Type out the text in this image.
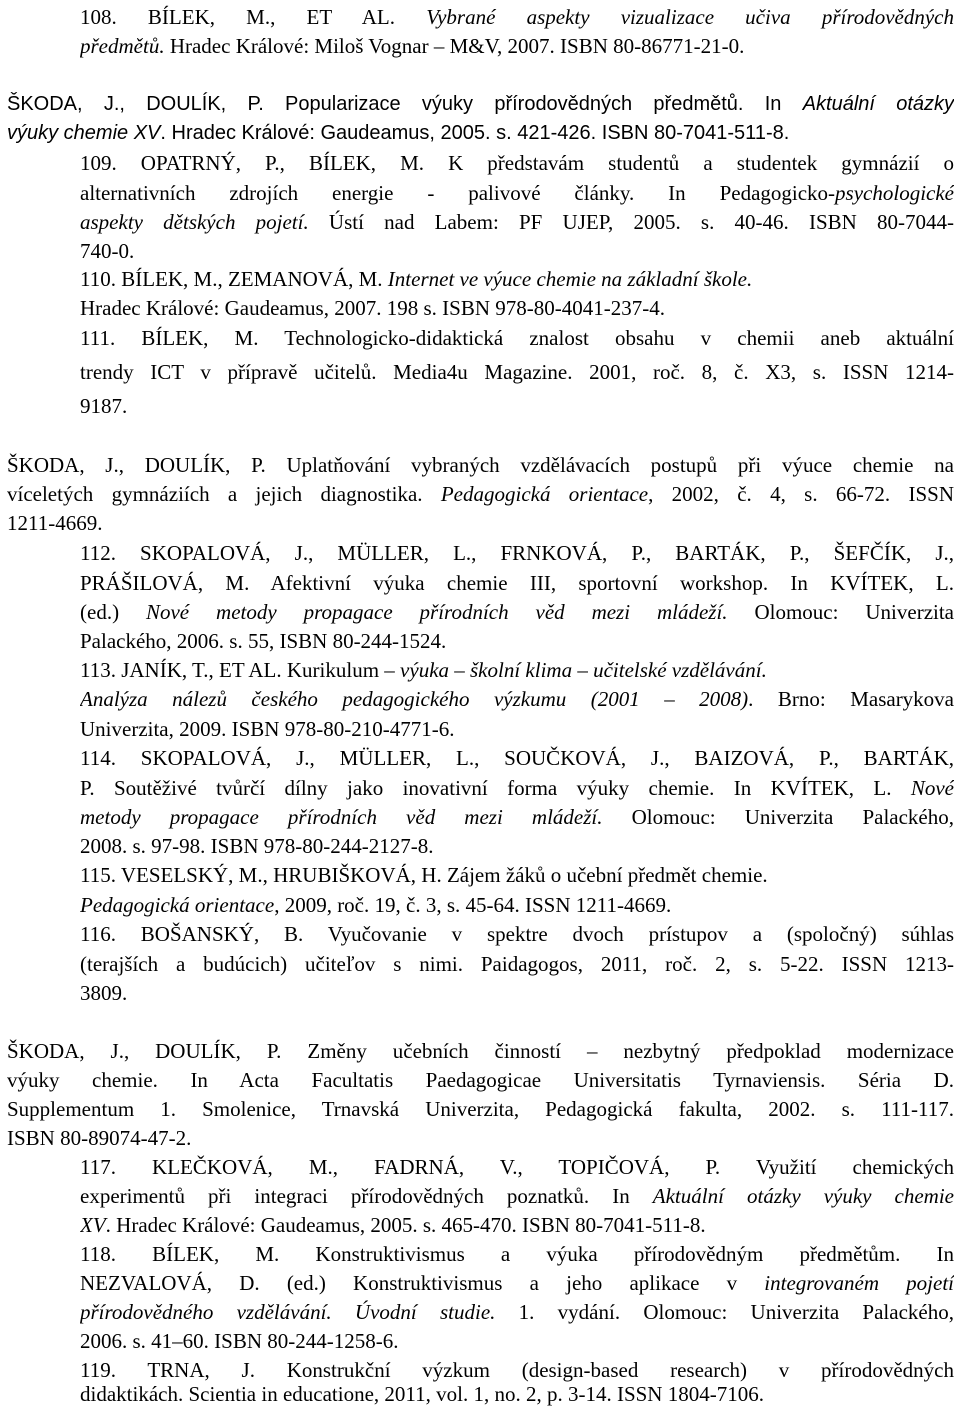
108. BÍLEK, M., ET AL. Vybrané aspekty vizualizace učiva přírodovědných
předmětů. Hradec Králové: Miloš Vognar – M&V, 2007. ISBN 80-86771-21-0.
ŠKODA, J., DOULÍK, P. Popularizace výuky přírodovědných předmětů. In Aktuální otázky
výuky chemie XV. Hradec Králové: Gaudeamus, 2005. s. 421-426. ISBN 80-7041-511-8.
109. OPATRNÝ, P., BÍLEK, M. K představám studentů a studentek gymnázií o
alternativních zdrojích energie - palivové články. In Pedagogicko-psychologické
aspekty dětských pojetí. Ústí nad Labem: PF UJEP, 2005. s. 40-46. ISBN 80-7044-
740-0.
110. BÍLEK, M., ZEMANOVÁ, M. Internet ve výuce chemie na základní škole.
Hradec Králové: Gaudeamus, 2007. 198 s. ISBN 978-80-4041-237-4.
111. BÍLEK, M. Technologicko-didaktická znalost obsahu v chemii aneb aktuální
trendy ICT v přípravě učitelů. Media4u Magazine. 2001, roč. 8, č. X3, s. ISSN 1214-
9187.
ŠKODA, J., DOULÍK, P. Uplatňování vybraných vzdělávacích postupů při výuce chemie na
víceletých gymnáziích a jejich diagnostika. Pedagogická orientace, 2002, č. 4, s. 66-72. ISSN
1211-4669.
112. SKOPALOVÁ, J., MÜLLER, L., FRNKOVÁ, P., BARTÁK, P., ŠEFČÍK, J.,
PRÁŠILOVÁ, M. Afektivní výuka chemie III, sportovní workshop. In KVÍTEK, L.
(ed.) Nové metody propagace přírodních věd mezi mládeží. Olomouc: Univerzita
Palackého, 2006. s. 55, ISBN 80-244-1524.
113. JANÍK, T., ET AL. Kurikulum – výuka – školní klima – učitelské vzdělávání.
Analýza nálezů českého pedagogického výzkumu (2001 – 2008). Brno: Masarykova
Univerzita, 2009. ISBN 978-80-210-4771-6.
114. SKOPALOVÁ, J., MÜLLER, L., SOUČKOVÁ, J., BAIZOVÁ, P., BARTÁK,
P. Soutěživé tvůrčí dílny jako inovativní forma výuky chemie. In KVÍTEK, L. Nové
metody propagace přírodních věd mezi mládeží. Olomouc: Univerzita Palackého,
2008. s. 97-98. ISBN 978-80-244-2127-8.
115. VESELSKÝ, M., HRUBIŠKOVÁ, H. Zájem žáků o učební předmět chemie.
Pedagogická orientace, 2009, roč. 19, č. 3, s. 45-64. ISSN 1211-4669.
116. BOŠANSKÝ, B. Vyučovanie v spektre dvoch prístupov a (spoločný) súhlas
(terajších a budúcich) učiteľov s nimi. Paidagogos, 2011, roč. 2, s. 5-22. ISSN 1213-
3809.
ŠKODA, J., DOULÍK, P. Změny učebních činností – nezbytný předpoklad modernizace
výuky chemie. In Acta Facultatis Paedagogicae Universitatis Tyrnaviensis. Séria D.
Supplementum 1. Smolenice, Trnavská Univerzita, Pedagogická fakulta, 2002. s. 111-117.
ISBN 80-89074-47-2.
117. KLEČKOVÁ, M., FADRNÁ, V., TOPIČOVÁ, P. Využití chemických
experimentů při integraci přírodovědných poznatků. In Aktuální otázky výuky chemie
XV. Hradec Králové: Gaudeamus, 2005. s. 465-470. ISBN 80-7041-511-8.
118. BÍLEK, M. Konstruktivismus a výuka přírodovědným předmětům. In
NEZVALOVÁ, D. (ed.) Konstruktivismus a jeho aplikace v integrovaném pojetí
přírodovědného vzdělávání. Úvodní studie. 1. vydání. Olomouc: Univerzita Palackého,
2006. s. 41–60. ISBN 80-244-1258-6.
119. TRNA, J. Konstrukční výzkum (design-based research) v přírodovědných
didaktikách. Scientia in educatione, 2011, vol. 1, no. 2, p. 3-14. ISSN 1804-7106.
